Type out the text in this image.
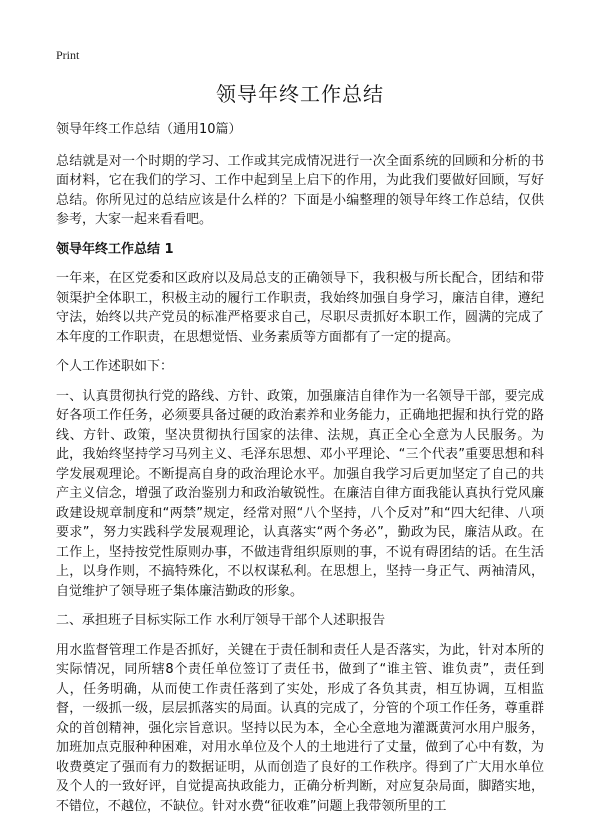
Print
领导年终工作总结

领导年终工作总结（通用10篇）

总结就是对一个时期的学习、工作或其完成情况进行一次全面系统的回顾和分析的书面材料，它在我们的学习、工作中起到呈上启下的作用，为此我们要做好回顾，写好总结。你所见过的总结应该是什么样的？下面是小编整理的领导年终工作总结，仅供参考，大家一起来看看吧。

领导年终工作总结 1

一年来，在区党委和区政府以及局总支的正确领导下，我积极与所长配合，团结和带领渠护全体职工，积极主动的履行工作职责，我始终加强自身学习，廉洁自律，遵纪守法，始终以共产党员的标准严格要求自己，尽职尽责抓好本职工作，圆满的完成了本年度的工作职责，在思想觉悟、业务素质等方面都有了一定的提高。

个人工作述职如下：

一、认真贯彻执行党的路线、方针、政策，加强廉洁自律作为一名领导干部，要完成好各项工作任务，必须要具备过硬的政治素养和业务能力，正确地把握和执行党的路线、方针、政策，坚决贯彻执行国家的法律、法规，真正全心全意为人民服务。为此，我始终坚持学习马列主义、毛泽东思想、邓小平理论、“三个代表”重要思想和科学发展观理论。不断提高自身的政治理论水平。加强自我学习后更加坚定了自己的共产主义信念，增强了政治鉴别力和政治敏锐性。在廉洁自律方面我能认真执行党风廉政建设规章制度和“两禁”规定，经常对照“八个坚持，八个反对”和“四大纪律、八项要求”，努力实践科学发展观理论，认真落实“两个务必”，勤政为民，廉洁从政。在工作上，坚持按党性原则办事，不做违背组织原则的事，不说有碍团结的话。在生活上，以身作则，不搞特殊化，不以权谋私利。在思想上，坚持一身正气、两袖清风，自觉维护了领导班子集体廉洁勤政的形象。

二、承担班子目标实际工作 水利厅领导干部个人述职报告

用水监督管理工作是否抓好，关键在于责任制和责任人是否落实，为此，针对本所的实际情况，同所辖8个责任单位签订了责任书，做到了“谁主管、谁负责”，责任到人，任务明确，从而使工作责任落到了实处，形成了各负其责，相互协调，互相监督，一级抓一级，层层抓落实的局面。认真的完成了，分管的个项工作任务，尊重群众的首创精神，强化宗旨意识。坚持以民为本，全心全意地为灌溉黄河水用户服务，加班加点克服种种困难，对用水单位及个人的土地进行了丈量，做到了心中有数，为收费奠定了强而有力的数据证明，从而创造了良好的工作秩序。得到了广大用水单位及个人的一致好评，自觉提高执政能力，正确分析判断，对应复杂局面，脚踏实地，不错位，不越位，不缺位。针对水费“征收难”问题上我带领所里的工
